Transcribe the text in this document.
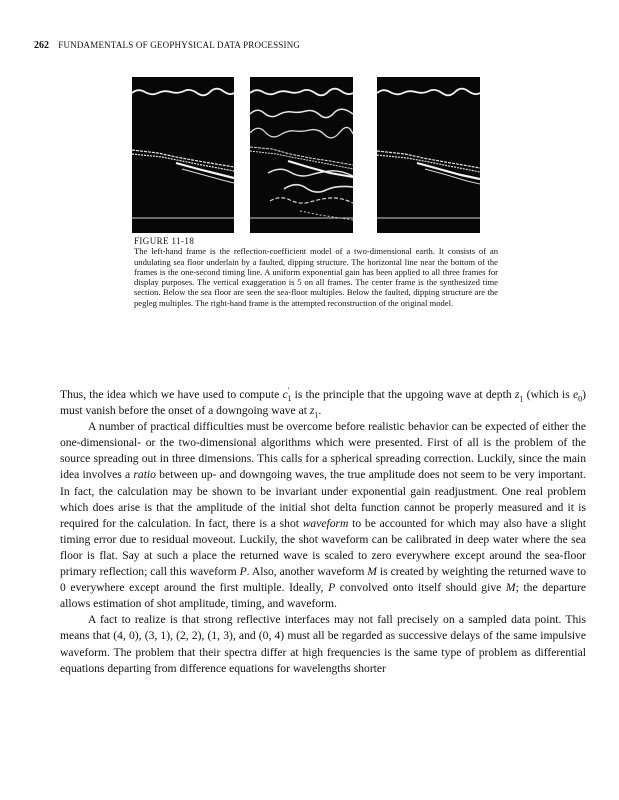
262 FUNDAMENTALS OF GEOPHYSICAL DATA PROCESSING
FIGURE 11-18
The left-hand frame is the reflection-coefficient model of a two-dimensional earth. It consists of an undulating sea floor underlain by a faulted, dipping structure. The horizontal line near the bottom of the frames is the one-second timing line. A uniform exponential gain has been applied to all three frames for display purposes. The vertical exaggeration is 5 on all frames. The center frame is the synthesized time section. Below the sea floor are seen the sea-floor multiples. Below the faulted, dipping structure are the pegleg multiples. The right-hand frame is the attempted reconstruction of the original model.

Thus, the idea which we have used to compute $c'_1$ is the principle that the upgoing wave at depth $z_1$ (which is $e_0$) must vanish before the onset of a downgoing wave at $z_1$.

A number of practical difficulties must be overcome before realistic behavior can be expected of either the one-dimensional- or the two-dimensional algorithms which were presented. First of all is the problem of the source spreading out in three dimensions. This calls for a spherical spreading correction. Luckily, since the main idea involves a ratio between up- and downgoing waves, the true amplitude does not seem to be very important. In fact, the calculation may be shown to be invariant under exponential gain readjustment. One real problem which does arise is that the amplitude of the initial shot delta function cannot be properly measured and it is required for the calculation. In fact, there is a shot waveform to be accounted for which may also have a slight timing error due to residual moveout. Luckily, the shot waveform can be calibrated in deep water where the sea floor is flat. Say at such a place the returned wave is scaled to zero everywhere except around the sea-floor primary reflection; call this waveform P. Also, another waveform M is created by weighting the returned wave to 0 everywhere except around the first multiple. Ideally, P convolved onto itself should give M; the departure allows estimation of shot amplitude, timing, and waveform.

A fact to realize is that strong reflective interfaces may not fall precisely on a sampled data point. This means that (4, 0), (3, 1), (2, 2), (1, 3), and (0, 4) must all be regarded as successive delays of the same impulsive waveform. The problem that their spectra differ at high frequencies is the same type of problem as differential equations departing from difference equations for wavelengths shorter
